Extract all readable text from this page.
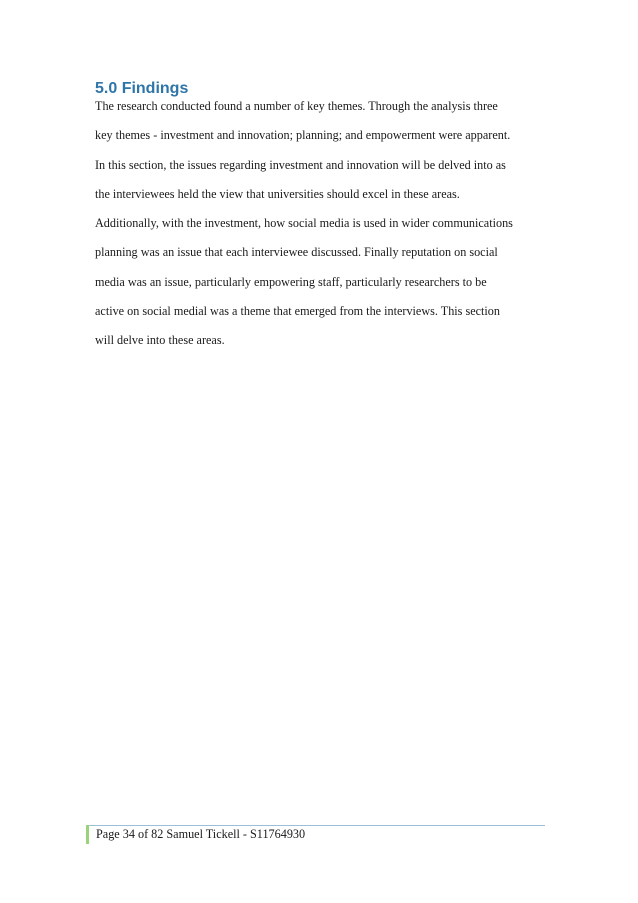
5.0 Findings
The research conducted found a number of key themes. Through the analysis three
key themes - investment and innovation; planning; and empowerment were apparent.
In this section, the issues regarding investment and innovation will be delved into as
the interviewees held the view that universities should excel in these areas.
Additionally, with the investment, how social media is used in wider communications
planning was an issue that each interviewee discussed. Finally reputation on social
media was an issue, particularly empowering staff, particularly researchers to be
active on social medial was a theme that emerged from the interviews. This section
will delve into these areas.
Page 34 of 82 Samuel Tickell - S11764930
